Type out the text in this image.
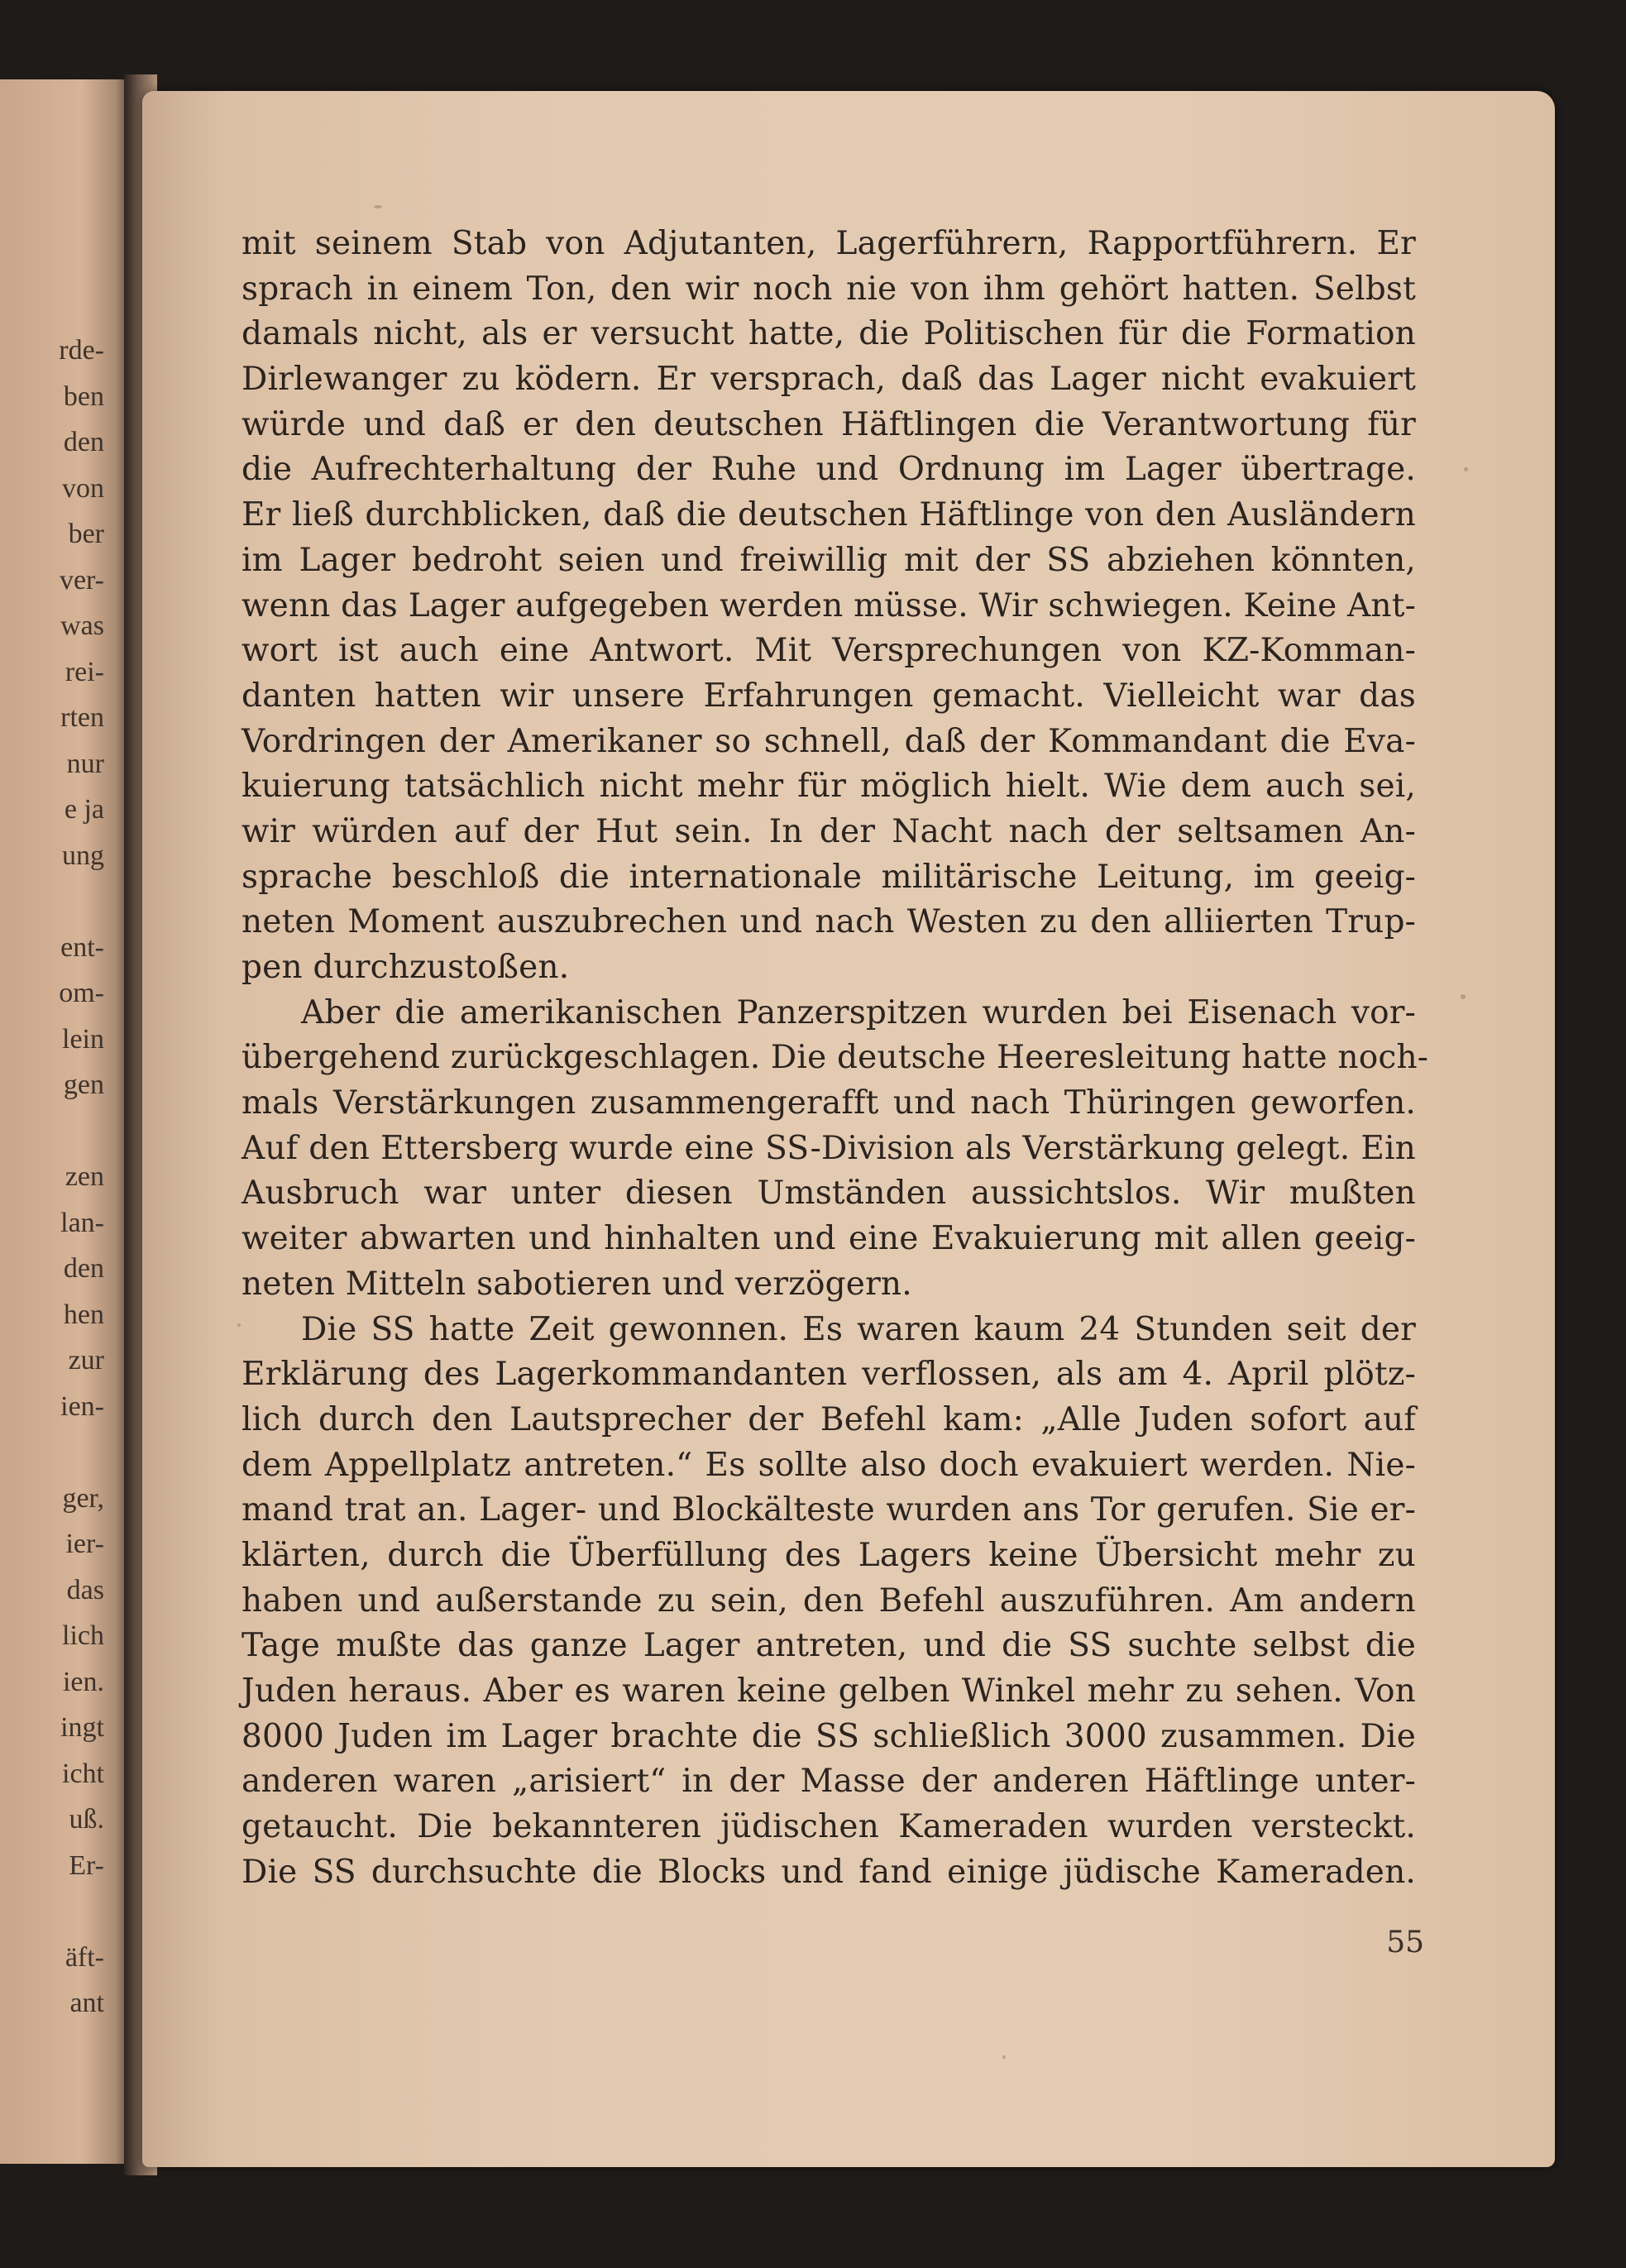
rde-
ben
den
von
ber
ver-
was
rei-
rten
nur
e ja
ung
ent-
om-
lein
gen
zen
lan-
den
hen
zur
ien-
ger,
ier-
das
lich
ien.
ingt
icht
uß.
Er-
äft-
ant
mit seinem Stab von Adjutanten, Lagerführern, Rapportführern. Er
sprach in einem Ton, den wir noch nie von ihm gehört hatten. Selbst
damals nicht, als er versucht hatte, die Politischen für die Formation
Dirlewanger zu ködern. Er versprach, daß das Lager nicht evakuiert
würde und daß er den deutschen Häftlingen die Verantwortung für
die Aufrechterhaltung der Ruhe und Ordnung im Lager übertrage.
Er ließ durchblicken, daß die deutschen Häftlinge von den Ausländern
im Lager bedroht seien und freiwillig mit der SS abziehen könnten,
wenn das Lager aufgegeben werden müsse. Wir schwiegen. Keine Ant-
wort ist auch eine Antwort. Mit Versprechungen von KZ-Komman-
danten hatten wir unsere Erfahrungen gemacht. Vielleicht war das
Vordringen der Amerikaner so schnell, daß der Kommandant die Eva-
kuierung tatsächlich nicht mehr für möglich hielt. Wie dem auch sei,
wir würden auf der Hut sein. In der Nacht nach der seltsamen An-
sprache beschloß die internationale militärische Leitung, im geeig-
neten Moment auszubrechen und nach Westen zu den alliierten Trup-
pen durchzustoßen.
Aber die amerikanischen Panzerspitzen wurden bei Eisenach vor-
übergehend zurückgeschlagen. Die deutsche Heeresleitung hatte noch-
mals Verstärkungen zusammengerafft und nach Thüringen geworfen.
Auf den Ettersberg wurde eine SS-Division als Verstärkung gelegt. Ein
Ausbruch war unter diesen Umständen aussichtslos. Wir mußten
weiter abwarten und hinhalten und eine Evakuierung mit allen geeig-
neten Mitteln sabotieren und verzögern.
Die SS hatte Zeit gewonnen. Es waren kaum 24 Stunden seit der
Erklärung des Lagerkommandanten verflossen, als am 4. April plötz-
lich durch den Lautsprecher der Befehl kam: „Alle Juden sofort auf
dem Appellplatz antreten.“ Es sollte also doch evakuiert werden. Nie-
mand trat an. Lager- und Blockälteste wurden ans Tor gerufen. Sie er-
klärten, durch die Überfüllung des Lagers keine Übersicht mehr zu
haben und außerstande zu sein, den Befehl auszuführen. Am andern
Tage mußte das ganze Lager antreten, und die SS suchte selbst die
Juden heraus. Aber es waren keine gelben Winkel mehr zu sehen. Von
8000 Juden im Lager brachte die SS schließlich 3000 zusammen. Die
anderen waren „arisiert“ in der Masse der anderen Häftlinge unter-
getaucht. Die bekannteren jüdischen Kameraden wurden versteckt.
Die SS durchsuchte die Blocks und fand einige jüdische Kameraden.
55
